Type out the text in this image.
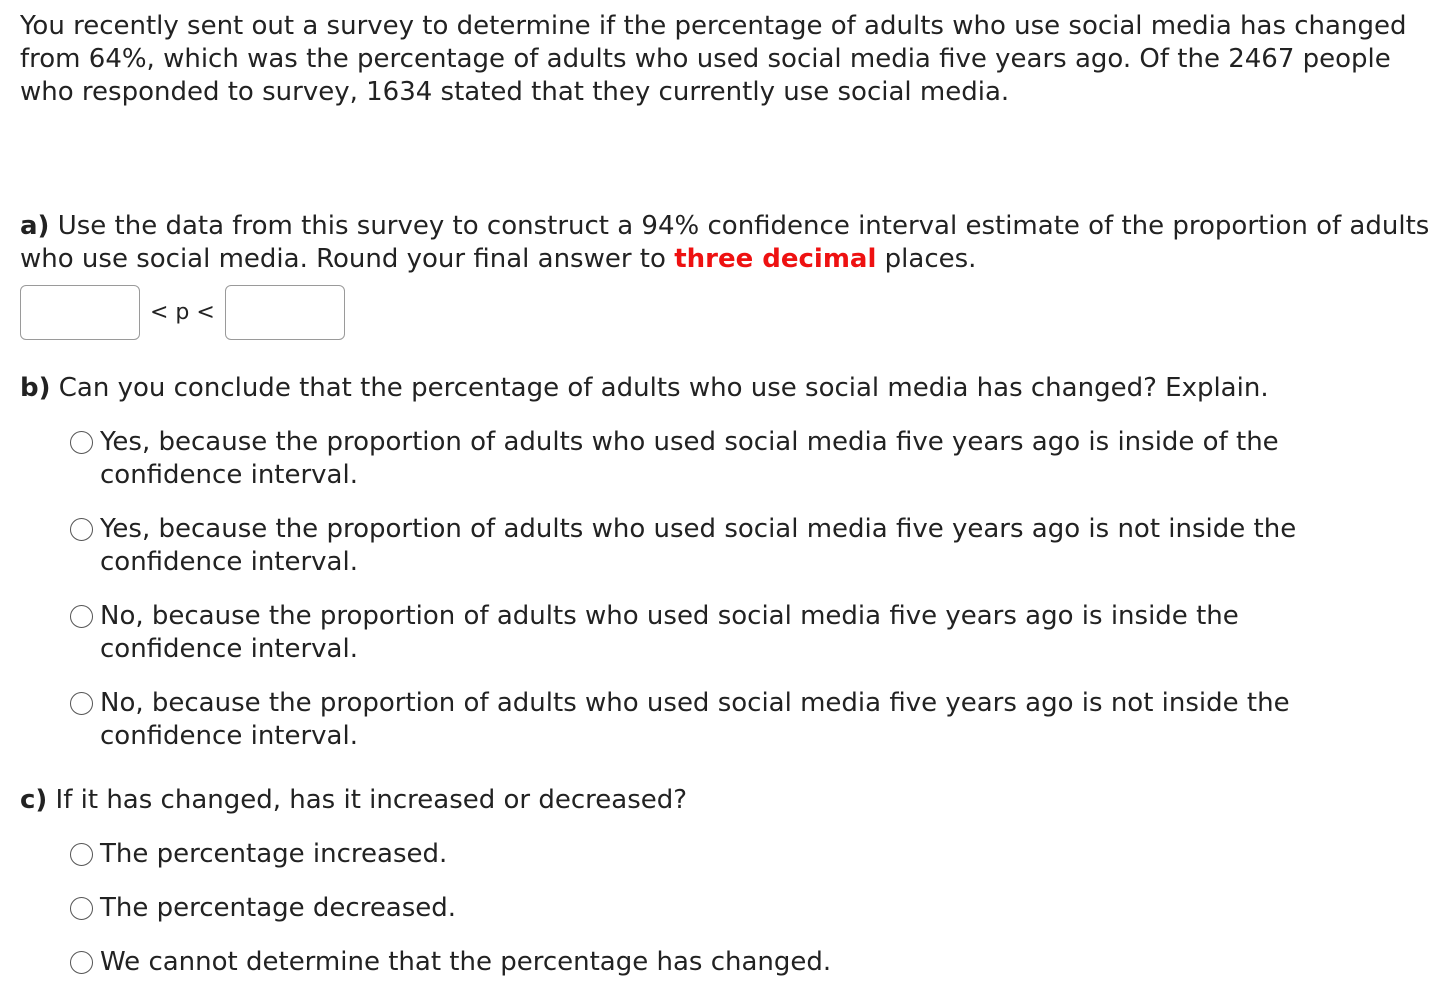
You recently sent out a survey to determine if the percentage of adults who use social media has changed from 64%, which was the percentage of adults who used social media five years ago. Of the 2467 people who responded to survey, 1634 stated that they currently use social media.

a) Use the data from this survey to construct a 94% confidence interval estimate of the proportion of adults who use social media. Round your final answer to three decimal places.

< p <

b) Can you conclude that the percentage of adults who use social media has changed? Explain.

Yes, because the proportion of adults who used social media five years ago is inside of the confidence interval.
Yes, because the proportion of adults who used social media five years ago is not inside the confidence interval.
No, because the proportion of adults who used social media five years ago is inside the confidence interval.
No, because the proportion of adults who used social media five years ago is not inside the confidence interval.

c) If it has changed, has it increased or decreased?

The percentage increased.
The percentage decreased.
We cannot determine that the percentage has changed.
